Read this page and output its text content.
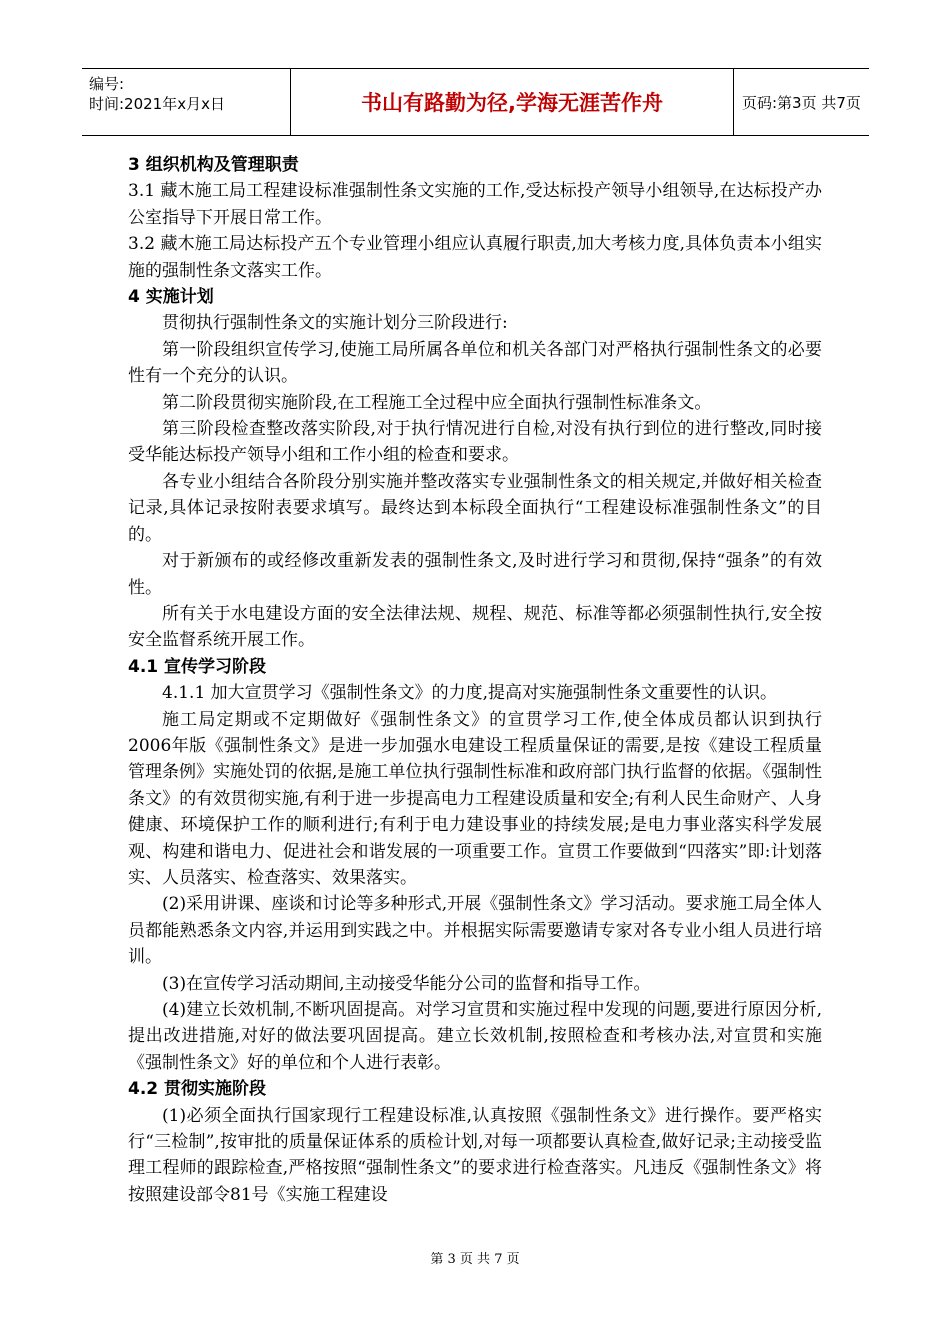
编号:
时间:2021年x月x日	书山有路勤为径,学海无涯苦作舟	页码:第3页 共7页

3 组织机构及管理职责

3.1 藏木施工局工程建设标准强制性条文实施的工作,受达标投产领导小组领导,在达标投产办公室指导下开展日常工作。

3.2 藏木施工局达标投产五个专业管理小组应认真履行职责,加大考核力度,具体负责本小组实施的强制性条文落实工作。

4 实施计划

贯彻执行强制性条文的实施计划分三阶段进行:

第一阶段组织宣传学习,使施工局所属各单位和机关各部门对严格执行强制性条文的必要性有一个充分的认识。

第二阶段贯彻实施阶段,在工程施工全过程中应全面执行强制性标准条文。

第三阶段检查整改落实阶段,对于执行情况进行自检,对没有执行到位的进行整改,同时接受华能达标投产领导小组和工作小组的检查和要求。

各专业小组结合各阶段分别实施并整改落实专业强制性条文的相关规定,并做好相关检查记录,具体记录按附表要求填写。最终达到本标段全面执行“工程建设标准强制性条文”的目的。

对于新颁布的或经修改重新发表的强制性条文,及时进行学习和贯彻,保持“强条”的有效性。

所有关于水电建设方面的安全法律法规、规程、规范、标准等都必须强制性执行,安全按安全监督系统开展工作。

4.1 宣传学习阶段

4.1.1 加大宣贯学习《强制性条文》的力度,提高对实施强制性条文重要性的认识。

施工局定期或不定期做好《强制性条文》的宣贯学习工作,使全体成员都认识到执行2006年版《强制性条文》是进一步加强水电建设工程质量保证的需要,是按《建设工程质量管理条例》实施处罚的依据,是施工单位执行强制性标准和政府部门执行监督的依据。《强制性条文》的有效贯彻实施,有利于进一步提高电力工程建设质量和安全;有利人民生命财产、人身健康、环境保护工作的顺利进行;有利于电力建设事业的持续发展;是电力事业落实科学发展观、构建和谐电力、促进社会和谐发展的一项重要工作。宣贯工作要做到“四落实”即:计划落实、人员落实、检查落实、效果落实。

(2)采用讲课、座谈和讨论等多种形式,开展《强制性条文》学习活动。要求施工局全体人员都能熟悉条文内容,并运用到实践之中。并根据实际需要邀请专家对各专业小组人员进行培训。

(3)在宣传学习活动期间,主动接受华能分公司的监督和指导工作。

(4)建立长效机制,不断巩固提高。对学习宣贯和实施过程中发现的问题,要进行原因分析,提出改进措施,对好的做法要巩固提高。建立长效机制,按照检查和考核办法,对宣贯和实施《强制性条文》好的单位和个人进行表彰。

4.2 贯彻实施阶段

(1)必须全面执行国家现行工程建设标准,认真按照《强制性条文》进行操作。要严格实行“三检制”,按审批的质量保证体系的质检计划,对每一项都要认真检查,做好记录;主动接受监理工程师的跟踪检查,严格按照“强制性条文”的要求进行检查落实。凡违反《强制性条文》将按照建设部令81号《实施工程建设

第 3 页 共 7 页
